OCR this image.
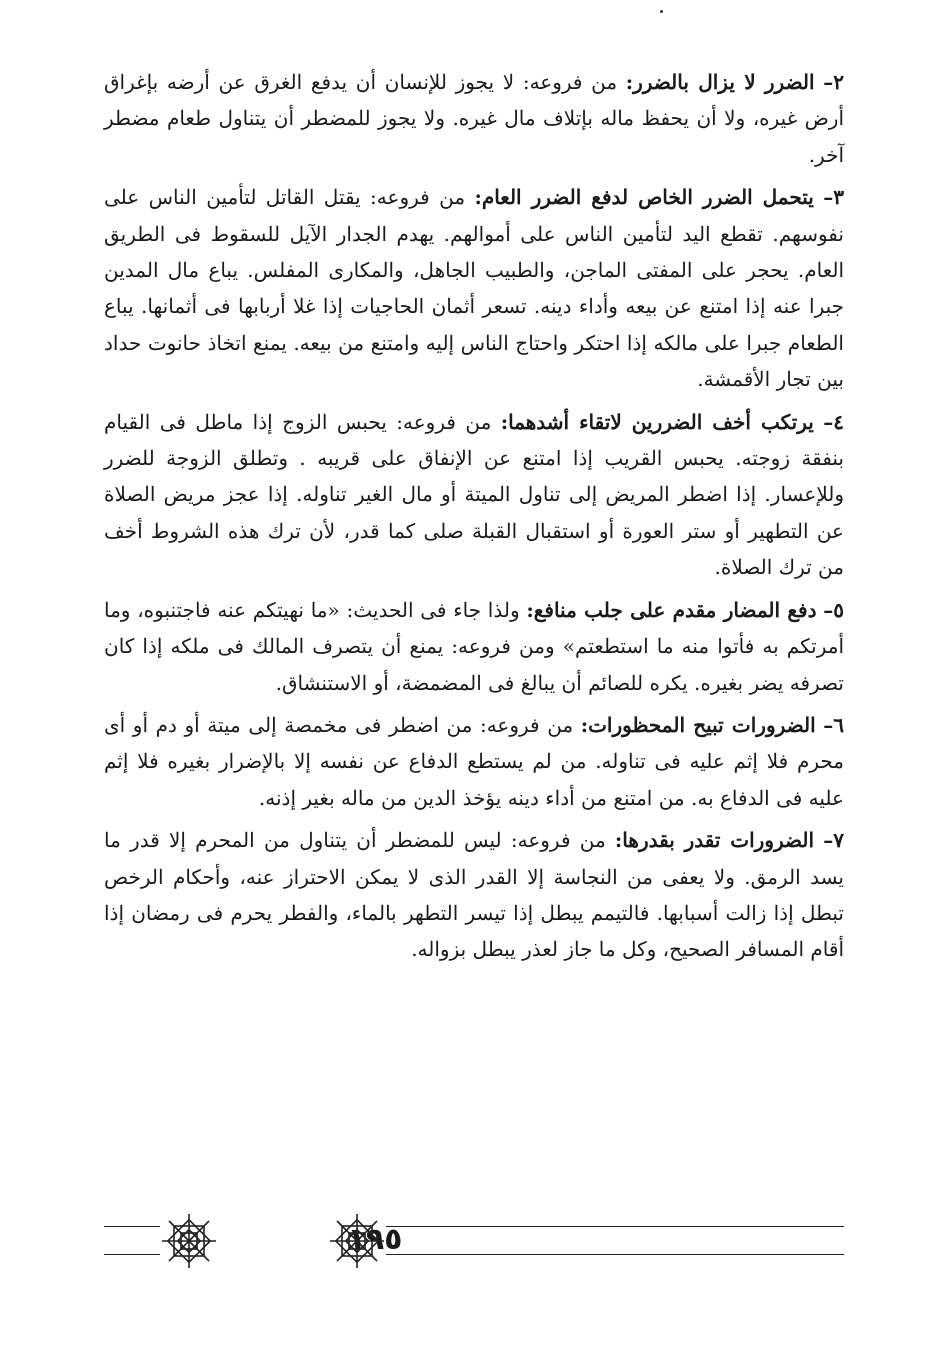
٢– الضرر لا يزال بالضرر: من فروعه: لا يجوز للإنسان أن يدفع الغرق عن أرضه بإغراق أرض غيره، ولا أن يحفظ ماله بإتلاف مال غيره. ولا يجوز للمضطر أن يتناول طعام مضطر آخر.

٣– يتحمل الضرر الخاص لدفع الضرر العام: من فروعه: يقتل القاتل لتأمين الناس على نفوسهم. تقطع اليد لتأمين الناس على أموالهم. يهدم الجدار الآيل للسقوط فى الطريق العام. يحجر على المفتى الماجن، والطبيب الجاهل، والمكارى المفلس. يباع مال المدين جبرا عنه إذا امتنع عن بيعه وأداء دينه. تسعر أثمان الحاجيات إذا غلا أربابها فى أثمانها. يباع الطعام جبرا على مالكه إذا احتكر واحتاج الناس إليه وامتنع من بيعه. يمنع اتخاذ حانوت حداد بين تجار الأقمشة.

٤– يرتكب أخف الضررين لاتقاء أشدهما: من فروعه: يحبس الزوج إذا ماطل فى القيام بنفقة زوجته. يحبس القريب إذا امتنع عن الإنفاق على قريبه . وتطلق الزوجة للضرر وللإعسار. إذا اضطر المريض إلى تناول الميتة أو مال الغير تناوله. إذا عجز مريض الصلاة عن التطهير أو ستر العورة أو استقبال القبلة صلى كما قدر، لأن ترك هذه الشروط أخف من ترك الصلاة.

٥– دفع المضار مقدم على جلب منافع: ولذا جاء فى الحديث: «ما نهيتكم عنه فاجتنبوه، وما أمرتكم به فأتوا منه ما استطعتم» ومن فروعه: يمنع أن يتصرف المالك فى ملكه إذا كان تصرفه يضر بغيره. يكره للصائم أن يبالغ فى المضمضة، أو الاستنشاق.

٦– الضرورات تبيح المحظورات: من فروعه: من اضطر فى مخمصة إلى ميتة أو دم أو أى محرم فلا إثم عليه فى تناوله. من لم يستطع الدفاع عن نفسه إلا بالإضرار بغيره فلا إثم عليه فى الدفاع به. من امتنع من أداء دينه يؤخذ الدين من ماله بغير إذنه.

٧– الضرورات تقدر بقدرها: من فروعه: ليس للمضطر أن يتناول من المحرم إلا قدر ما يسد الرمق. ولا يعفى من النجاسة إلا القدر الذى لا يمكن الاحتراز عنه، وأحكام الرخص تبطل إذا زالت أسبابها. فالتيمم يبطل إذا تيسر التطهر بالماء، والفطر يحرم فى رمضان إذا أقام المسافر الصحيح، وكل ما جاز لعذر يبطل بزواله.

١٩٥
